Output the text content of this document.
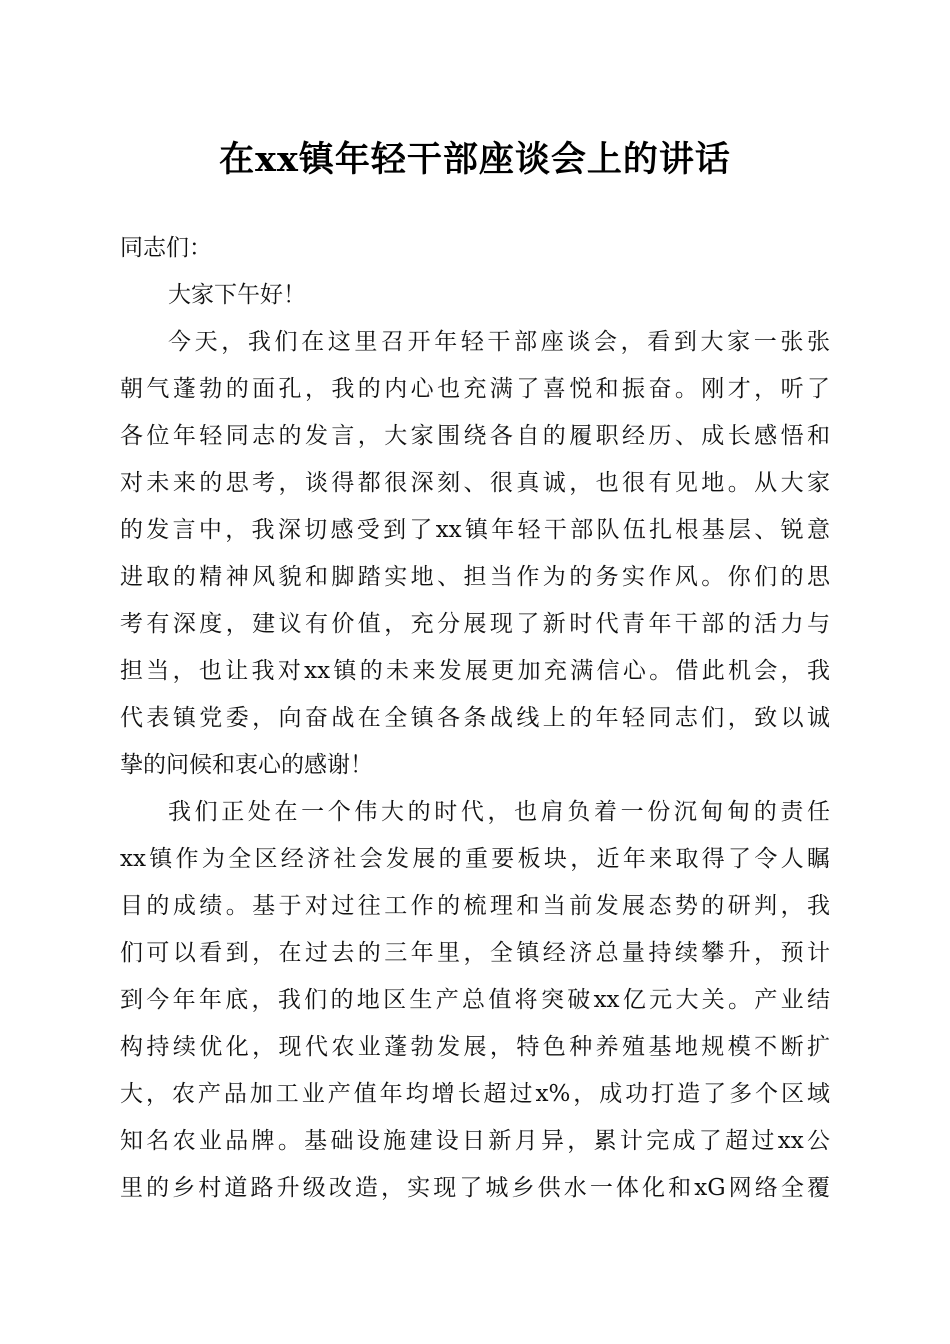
在xx镇年轻干部座谈会上的讲话
同志们：
大家下午好！
今天，我们在这里召开年轻干部座谈会，看到大家一张张
朝气蓬勃的面孔，我的内心也充满了喜悦和振奋。刚才，听了
各位年轻同志的发言，大家围绕各自的履职经历、成长感悟和
对未来的思考，谈得都很深刻、很真诚，也很有见地。从大家
的发言中，我深切感受到了xx镇年轻干部队伍扎根基层、锐意
进取的精神风貌和脚踏实地、担当作为的务实作风。你们的思
考有深度，建议有价值，充分展现了新时代青年干部的活力与
担当，也让我对xx镇的未来发展更加充满信心。借此机会，我
代表镇党委，向奋战在全镇各条战线上的年轻同志们，致以诚
挚的问候和衷心的感谢！
我们正处在一个伟大的时代，也肩负着一份沉甸甸的责任
xx镇作为全区经济社会发展的重要板块，近年来取得了令人瞩
目的成绩。基于对过往工作的梳理和当前发展态势的研判，我
们可以看到，在过去的三年里，全镇经济总量持续攀升，预计
到今年年底，我们的地区生产总值将突破xx亿元大关。产业结
构持续优化，现代农业蓬勃发展，特色种养殖基地规模不断扩
大，农产品加工业产值年均增长超过x%，成功打造了多个区域
知名农业品牌。基础设施建设日新月异，累计完成了超过xx公
里的乡村道路升级改造，实现了城乡供水一体化和xG网络全覆
